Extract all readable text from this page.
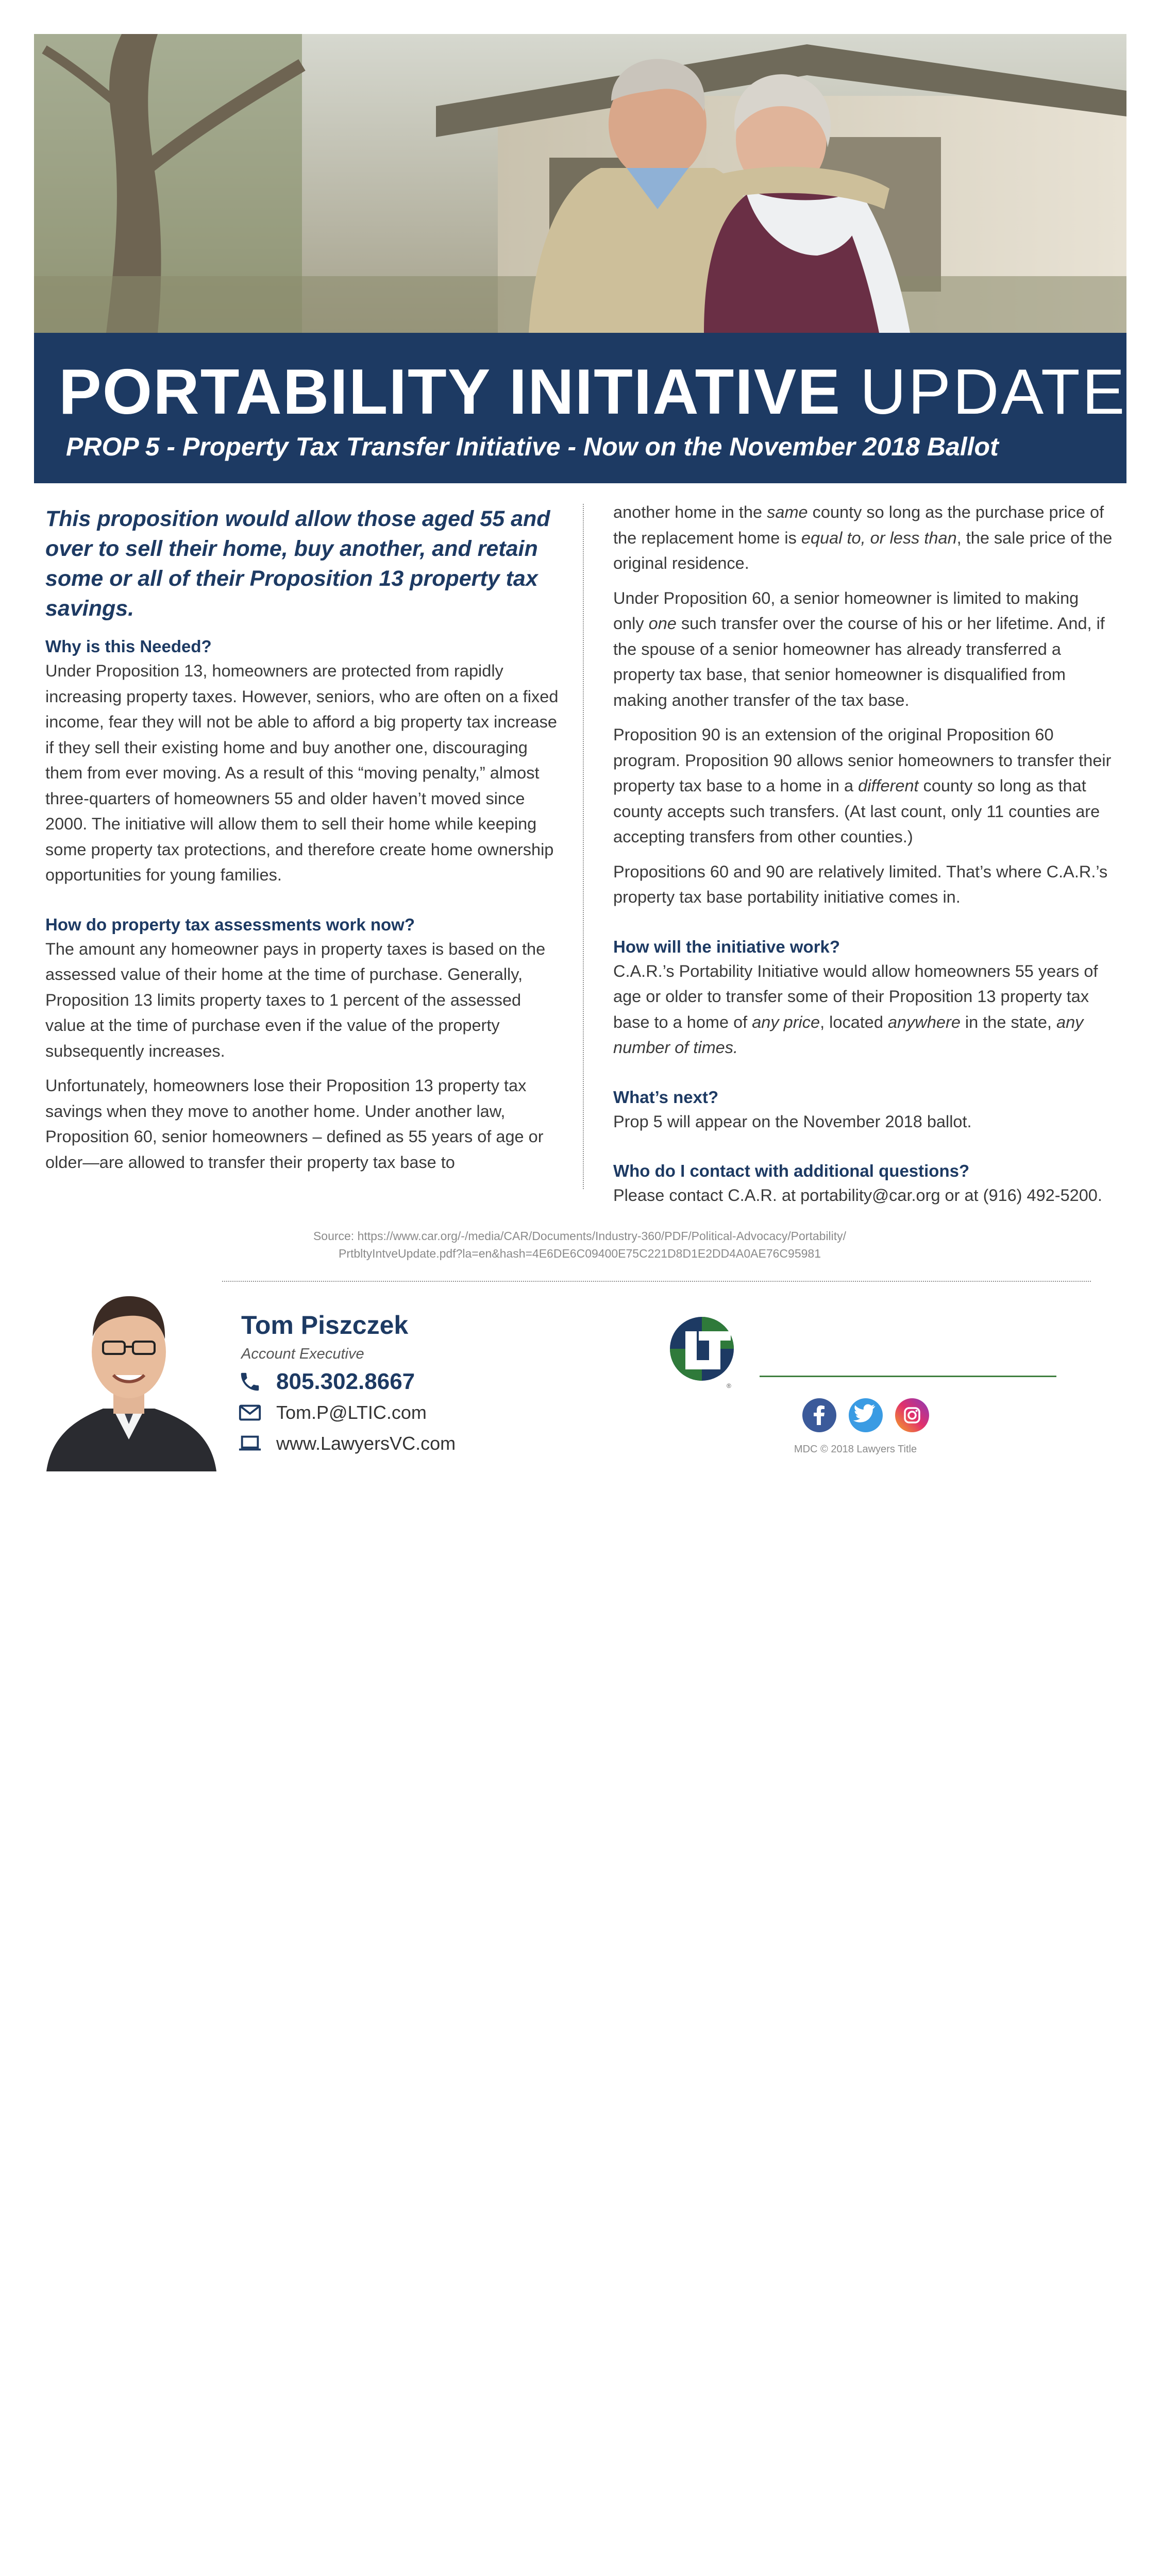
PORTABILITY INITIATIVE UPDATE
PROP 5 - Property Tax Transfer Initiative - Now on the November 2018 Ballot
This proposition would allow those aged 55 and over to sell their home, buy another, and retain some or all of their Proposition 13 property tax savings.
Why is this Needed?

Under Proposition 13, homeowners are protected from rapidly increasing property taxes. However, seniors, who are often on a fixed income, fear they will not be able to afford a big property tax increase if they sell their existing home and buy another one, discouraging them from ever moving. As a result of this “moving penalty,” almost three-quarters of homeowners 55 and older haven’t moved since 2000. The initiative will allow them to sell their home while keeping some property tax protections, and therefore create home ownership opportunities for young families.

How do property tax assessments work now?

The amount any homeowner pays in property taxes is based on the assessed value of their home at the time of purchase. Generally, Proposition 13 limits property taxes to 1 percent of the assessed value at the time of purchase even if the value of the property subsequently increases.

Unfortunately, homeowners lose their Proposition 13 property tax savings when they move to another home. Under another law, Proposition 60, senior homeowners – defined as 55 years of age or older—are allowed to transfer their property tax base to

another home in the same county so long as the purchase price of the replacement home is equal to, or less than, the sale price of the original residence.

Under Proposition 60, a senior homeowner is limited to making only one such transfer over the course of his or her lifetime. And, if the spouse of a senior homeowner has already transferred a property tax base, that senior homeowner is disqualified from making another transfer of the tax base.

Proposition 90 is an extension of the original Proposition 60 program. Proposition 90 allows senior homeowners to transfer their property tax base to a home in a different county so long as that county accepts such transfers. (At last count, only 11 counties are accepting transfers from other counties.)

Propositions 60 and 90 are relatively limited. That’s where C.A.R.’s property tax base portability initiative comes in.

How will the initiative work?

C.A.R.’s Portability Initiative would allow homeowners 55 years of age or older to transfer some of their Proposition 13 property tax base to a home of any price, located anywhere in the state, any number of times.

What’s next?

Prop 5 will appear on the November 2018 ballot.

Who do I contact with additional questions?

Please contact C.A.R. at portability@car.org or at (916) 492-5200.

Source: https://www.car.org/-/media/CAR/Documents/Industry-360/PDF/Political-Advocacy/Portability/
PrtbltyIntveUpdate.pdf?la=en&hash=4E6DE6C09400E75C221D8D1E2DD4A0AE76C95981
Tom Piszczek
Account Executive
805.302.8667
Tom.P@LTIC.com
www.LawyersVC.com
®
MDC © 2018 Lawyers Title
